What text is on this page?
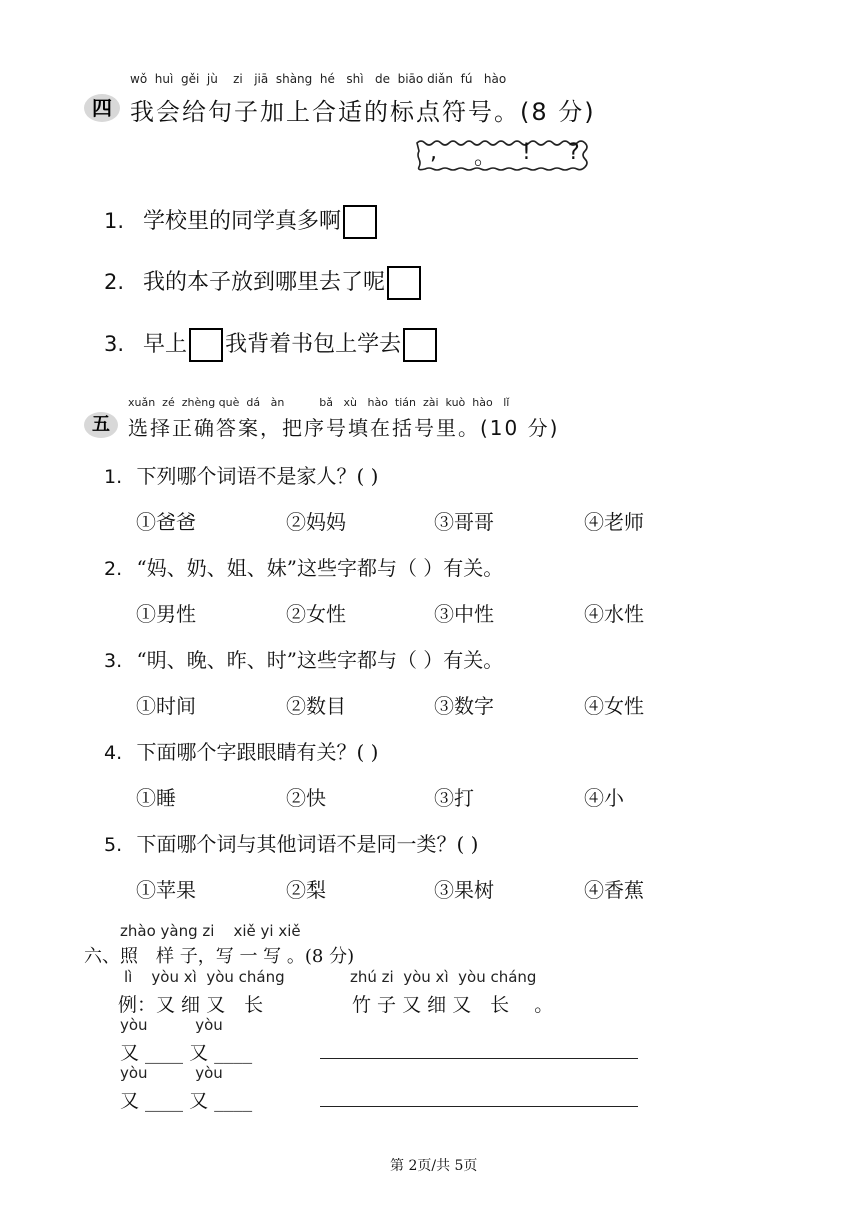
wǒ  huì  gěi  jù    zi   jiā  shàng  hé   shì   de  biāo diǎn  fú   hào
四 我会给句子加上合适的标点符号。(8 分)
, 。 ! ?
1. 学校里的同学真多啊
2. 我的本子放到哪里去了呢
3. 早上 我背着书包上学去
xuǎn  zé  zhèng què  dá   àn          bǎ   xù   hào  tián  zài  kuò  hào   lǐ
五 选择正确答案，把序号填在括号里。(10 分)
1. 下列哪个词语不是家人？( )
①爸爸	②妈妈	③哥哥	④老师
2. “妈、奶、姐、妹”这些字都与（ ）有关。
①男性	②女性	③中性	④水性
3. “明、晚、昨、时”这些字都与（ ）有关。
①时间	②数目	③数字	④女性
4. 下面哪个字跟眼睛有关？( )
①睡	②快	③打	④小
5. 下面哪个词与其他词语不是同一类？( )
①苹果	②梨	③果树	④香蕉
zhào yàng zi    xiě yi xiě
六、照　样 子，写 一 写 。(8 分)
lì    yòu xì  yòu cháng	zhú zi  yòu xì  yòu cháng
例：又 细 又　长	竹 子 又 细 又　长　 。
yòu          yòu
又 ____ 又 ____
yòu          yòu
又 ____ 又 ____
第 2页/共 5页
